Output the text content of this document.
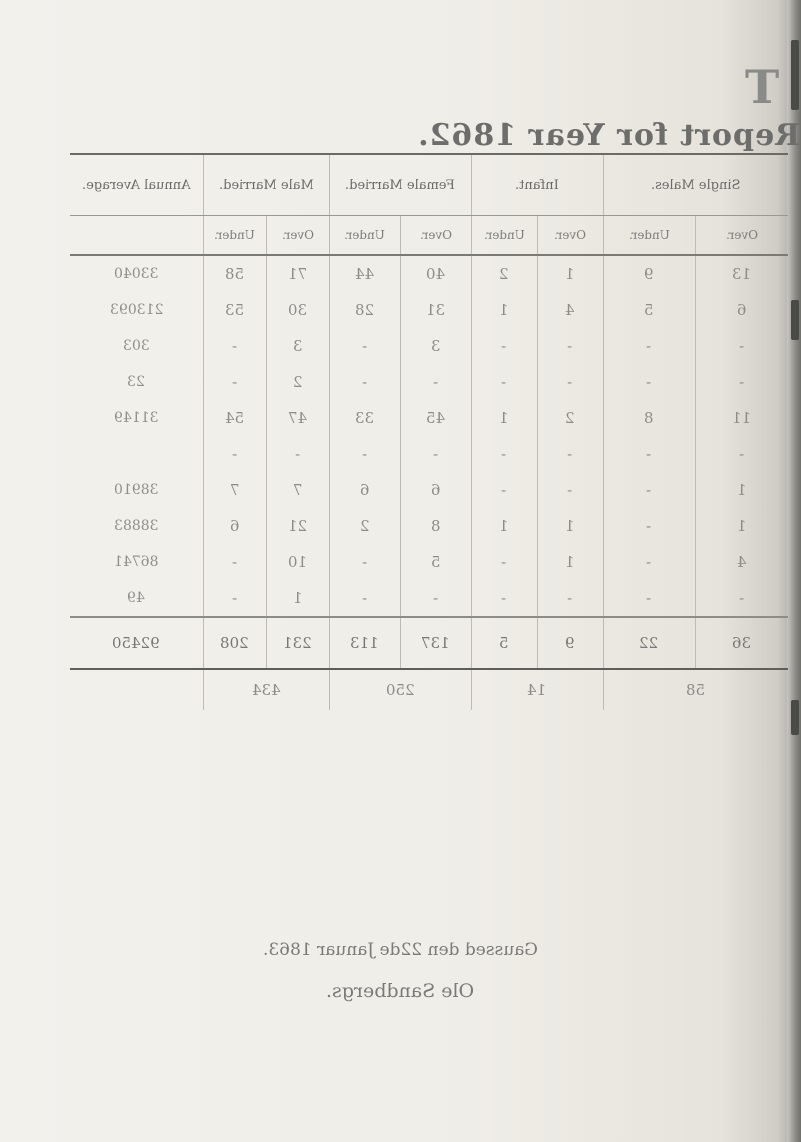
T
Report for Year 1862.
Annual Average.	Male Married.		Female Married.		Infant.		Single Males.	
	Under.	Over.	Under.	Over.	Under.	Over.	Under.	Over.
33040	58	71	44	40	2	1	9	13
213093	53	30	28	31	1	4	5	6
303	-	3	-	3	-	-	-	-
23	-	2	-	-	-	-	-	-
31149	54	47	33	45	1	2	8	11
	-	-	-	-	-	-	-	-
38910	7	7	6	6	-	-	-	1
38883	6	21	2	8	1	1	-	1
86741	-	10	-	5	-	1	-	4
49	-	1	-	-	-	-	-	-
92450	208	231	113	137	5	9	22	36
	434		250		14		58	
Gaussed den 22de Januar 1863.
Ole Sandbergs.
